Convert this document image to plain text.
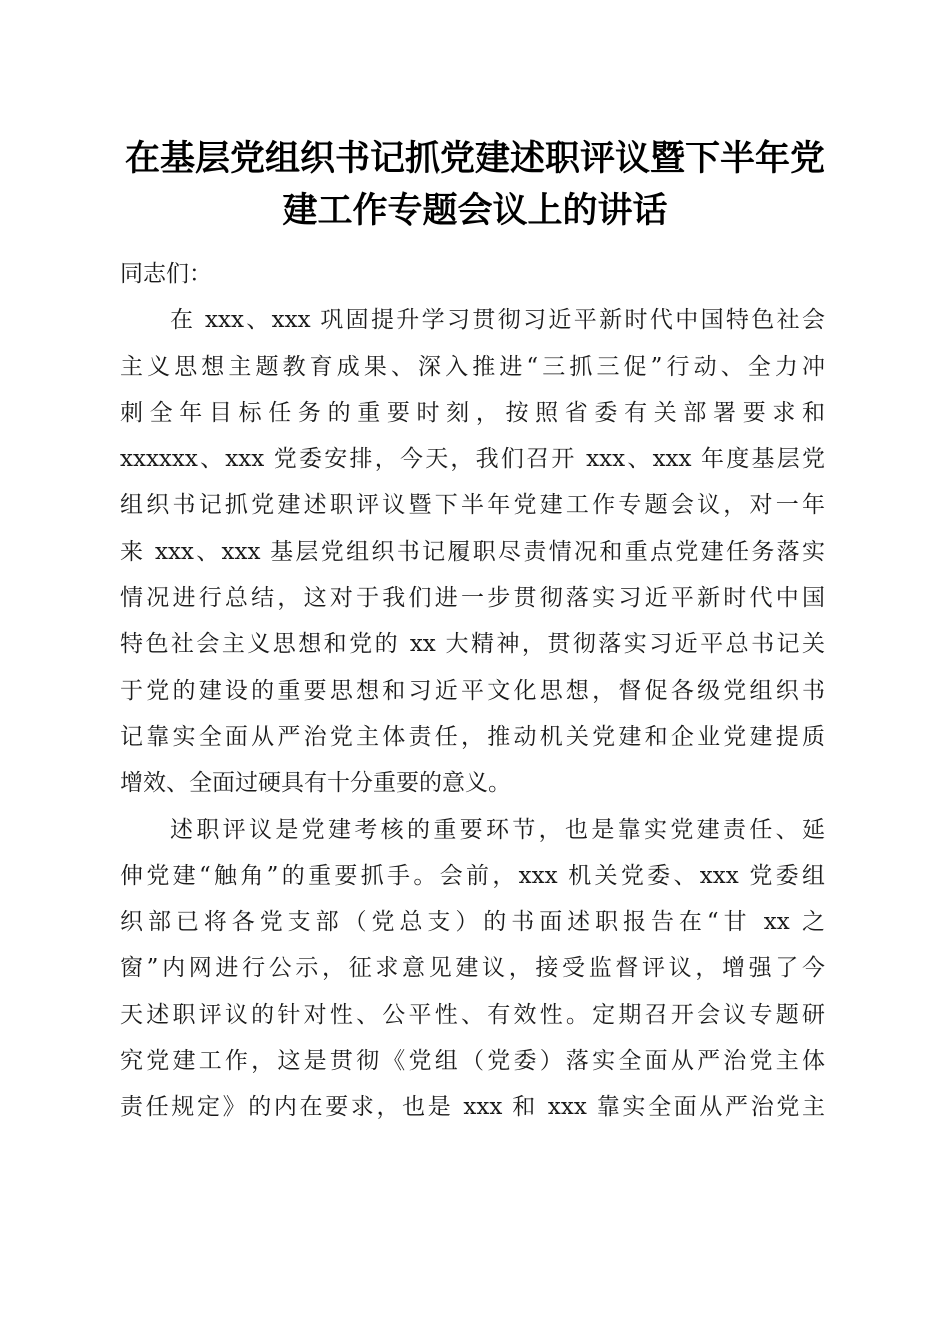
在基层党组织书记抓党建述职评议暨下半年党
建工作专题会议上的讲话
同志们：
在 xxx、xxx 巩固提升学习贯彻习近平新时代中国特色社会
主义思想主题教育成果、深入推进“三抓三促”行动、全力冲
刺全年目标任务的重要时刻，按照省委有关部署要求和
xxxxxx、xxx 党委安排，今天，我们召开 xxx、xxx 年度基层党
组织书记抓党建述职评议暨下半年党建工作专题会议，对一年
来 xxx、xxx 基层党组织书记履职尽责情况和重点党建任务落实
情况进行总结，这对于我们进一步贯彻落实习近平新时代中国
特色社会主义思想和党的 xx 大精神，贯彻落实习近平总书记关
于党的建设的重要思想和习近平文化思想，督促各级党组织书
记靠实全面从严治党主体责任，推动机关党建和企业党建提质
增效、全面过硬具有十分重要的意义。
述职评议是党建考核的重要环节，也是靠实党建责任、延
伸党建“触角”的重要抓手。会前，xxx 机关党委、xxx 党委组
织部已将各党支部（党总支）的书面述职报告在“甘 xx 之
窗”内网进行公示，征求意见建议，接受监督评议，增强了今
天述职评议的针对性、公平性、有效性。定期召开会议专题研
究党建工作，这是贯彻《党组（党委）落实全面从严治党主体
责任规定》的内在要求，也是 xxx 和 xxx 靠实全面从严治党主
